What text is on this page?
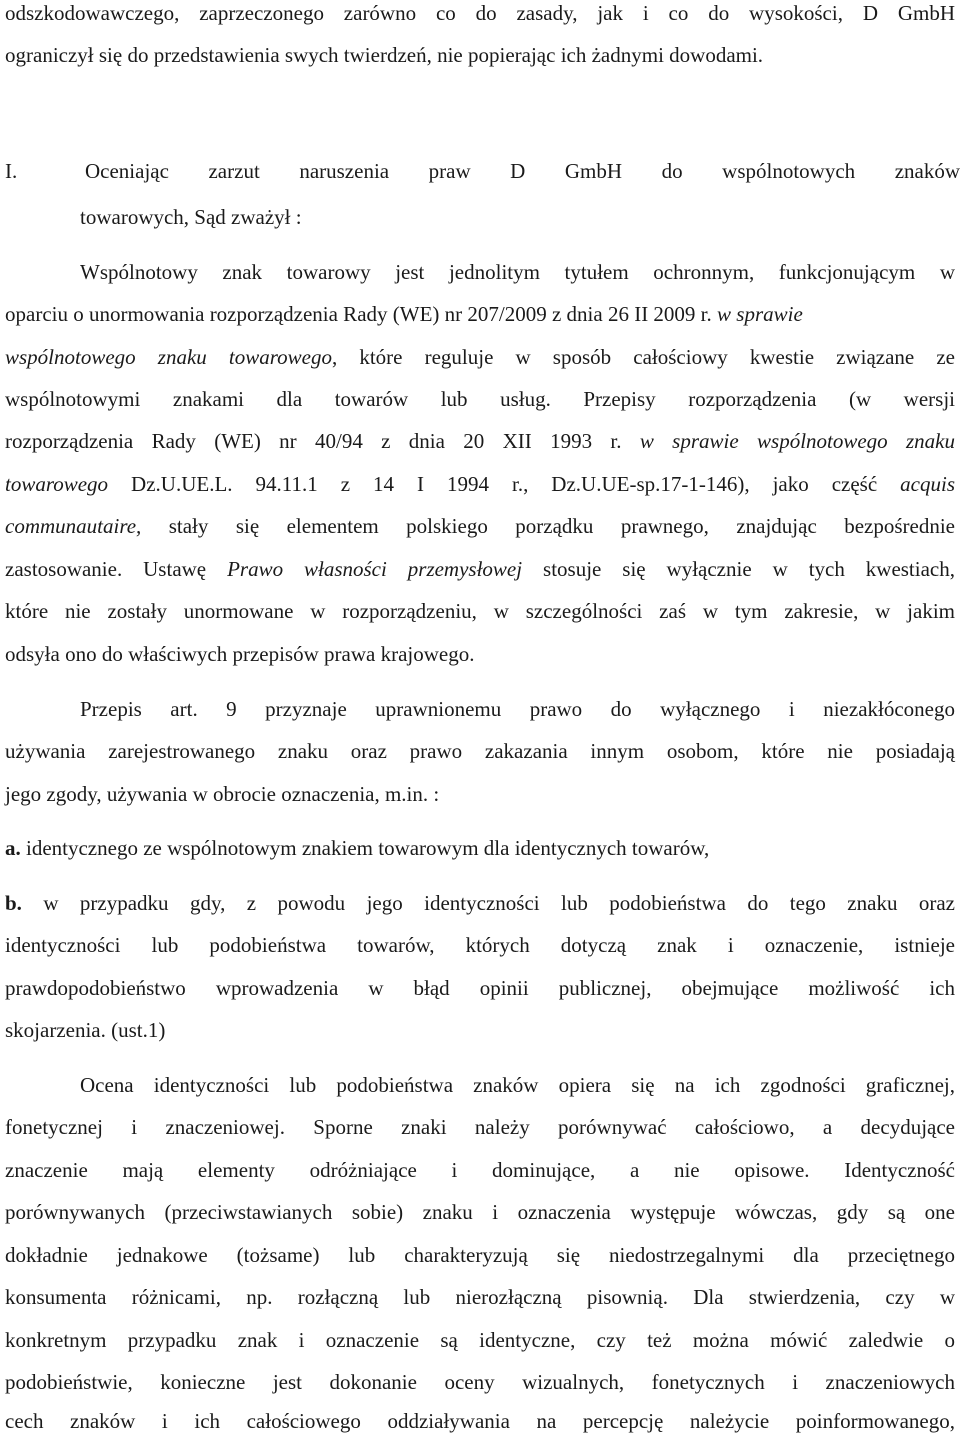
odszkodowawczego, zaprzeczonego zarówno co do zasady, jak i co do wysokości, D GmbH
ograniczył się do przedstawienia swych twierdzeń, nie popierając ich żadnymi dowodami.
I.	Oceniając zarzut naruszenia praw D GmbH do wspólnotowych znaków
towarowych, Sąd zważył :
Wspólnotowy znak towarowy jest jednolitym tytułem ochronnym, funkcjonującym w
oparciu o unormowania rozporządzenia Rady (WE) nr 207/2009 z dnia 26 II 2009 r. w sprawie
wspólnotowego znaku towarowego, które reguluje w sposób całościowy kwestie związane ze
wspólnotowymi znakami dla towarów lub usług. Przepisy rozporządzenia (w wersji
rozporządzenia Rady (WE) nr 40/94 z dnia 20 XII 1993 r. w sprawie wspólnotowego znaku
towarowego Dz.U.UE.L. 94.11.1 z 14 I 1994 r., Dz.U.UE-sp.17-1-146), jako część acquis
communautaire, stały się elementem polskiego porządku prawnego, znajdując bezpośrednie
zastosowanie. Ustawę Prawo własności przemysłowej stosuje się wyłącznie w tych kwestiach,
które nie zostały unormowane w rozporządzeniu, w szczególności zaś w tym zakresie, w jakim
odsyła ono do właściwych przepisów prawa krajowego.
Przepis art. 9 przyznaje uprawnionemu prawo do wyłącznego i niezakłóconego
używania zarejestrowanego znaku oraz prawo zakazania innym osobom, które nie posiadają
jego zgody, używania w obrocie oznaczenia, m.in. :
a. identycznego ze wspólnotowym znakiem towarowym dla identycznych towarów,
b. w przypadku gdy, z powodu jego identyczności lub podobieństwa do tego znaku oraz
identyczności lub podobieństwa towarów, których dotyczą znak i oznaczenie, istnieje
prawdopodobieństwo wprowadzenia w błąd opinii publicznej, obejmujące możliwość ich
skojarzenia. (ust.1)
Ocena identyczności lub podobieństwa znaków opiera się na ich zgodności graficznej,
fonetycznej i znaczeniowej. Sporne znaki należy porównywać całościowo, a decydujące
znaczenie mają elementy odróżniające i dominujące, a nie opisowe. Identyczność
porównywanych (przeciwstawianych sobie) znaku i oznaczenia występuje wówczas, gdy są one
dokładnie jednakowe (tożsame) lub charakteryzują się niedostrzegalnymi dla przeciętnego
konsumenta różnicami, np. rozłączną lub nierozłączną pisownią. Dla stwierdzenia, czy w
konkretnym przypadku znak i oznaczenie są identyczne, czy też można mówić zaledwie o
podobieństwie, konieczne jest dokonanie oceny wizualnych, fonetycznych i znaczeniowych
cech znaków i ich całościowego oddziaływania na percepcję należycie poinformowanego,
